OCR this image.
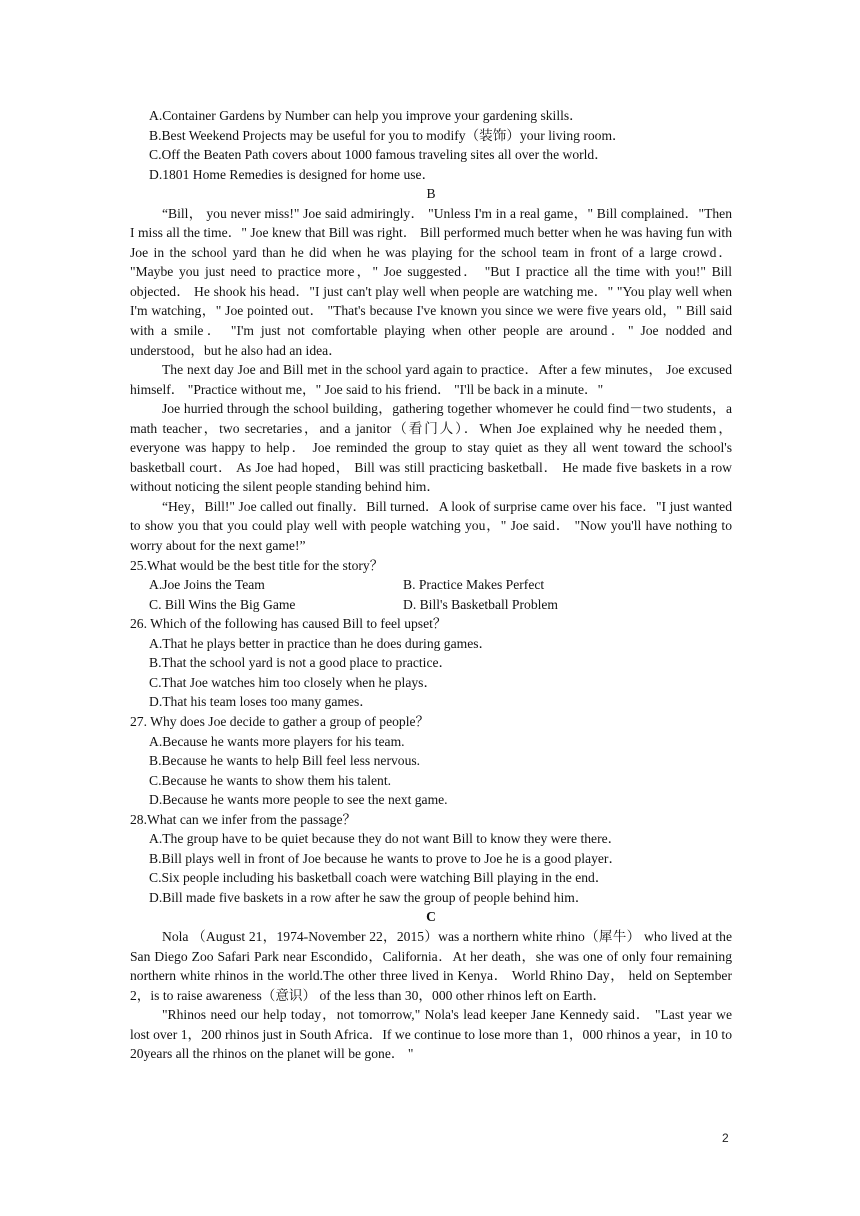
A.Container Gardens by Number can help you improve your gardening skills．
B.Best Weekend Projects may be useful for you to modify（装饰）your living room．
C.Off the Beaten Path covers about 1000 famous traveling sites all over the world．
D.1801 Home Remedies is designed for home use．
B
“Bill， you never miss!" Joe said admiringly． "Unless I'm in a real game，" Bill complained．"Then I miss all the time．" Joe knew that Bill was right． Bill performed much better when he was having fun with Joe in the school yard than he did when he was playing for the school team in front of a large crowd． "Maybe you just need to practice more，" Joe suggested． "But I practice all the time with you!" Bill objected． He shook his head．"I just can't play well when people are watching me．" "You play well when I'm watching，" Joe pointed out． "That's because I've known you since we were five years old，" Bill said with a smile． "I'm just not comfortable playing when other people are around．" Joe nodded and understood，but he also had an idea．
The next day Joe and Bill met in the school yard again to practice．After a few minutes， Joe excused himself． "Practice without me，" Joe said to his friend． "I'll be back in a minute．"
Joe hurried through the school building，gathering together whomever he could find－two students，a math teacher，two secretaries，and a janitor（看门人）．When Joe explained why he needed them，everyone was happy to help． Joe reminded the group to stay quiet as they all went toward the school's basketball court． As Joe had hoped， Bill was still practicing basketball． He made five baskets in a row without noticing the silent people standing behind him．
“Hey，Bill!" Joe called out finally．Bill turned．A look of surprise came over his face．"I just wanted to show you that you could play well with people watching you，" Joe said． "Now you'll have nothing to worry about for the next game!”
25.What would be the best title for the story？
A.Joe Joins the Team	B. Practice Makes Perfect
C. Bill Wins the Big Game	D. Bill's Basketball Problem
26. Which of the following has caused Bill to feel upset？
A.That he plays better in practice than he does during games．
B.That the school yard is not a good place to practice．
C.That Joe watches him too closely when he plays．
D.That his team loses too many games．
27. Why does Joe decide to gather a group of people？
A.Because he wants more players for his team.
B.Because he wants to help Bill feel less nervous.
C.Because he wants to show them his talent.
D.Because he wants more people to see the next game.
28.What can we infer from the passage？
A.The group have to be quiet because they do not want Bill to know they were there．
B.Bill plays well in front of Joe because he wants to prove to Joe he is a good player．
C.Six people including his basketball coach were watching Bill playing in the end．
D.Bill made five baskets in a row after he saw the group of people behind him．
C
Nola （August 21，1974-November 22，2015）was a northern white rhino（犀牛） who lived at the San Diego Zoo Safari Park near Escondido，California．At her death，she was one of only four remaining northern white rhinos in the world.The other three lived in Kenya． World Rhino Day， held on September 2，is to raise awareness（意识） of the less than 30，000 other rhinos left on Earth．
"Rhinos need our help today，not tomorrow," Nola's lead keeper Jane Kennedy said． "Last year we lost over 1，200 rhinos just in South Africa．If we continue to lose more than 1，000 rhinos a year，in 10 to 20years all the rhinos on the planet will be gone． "
2
